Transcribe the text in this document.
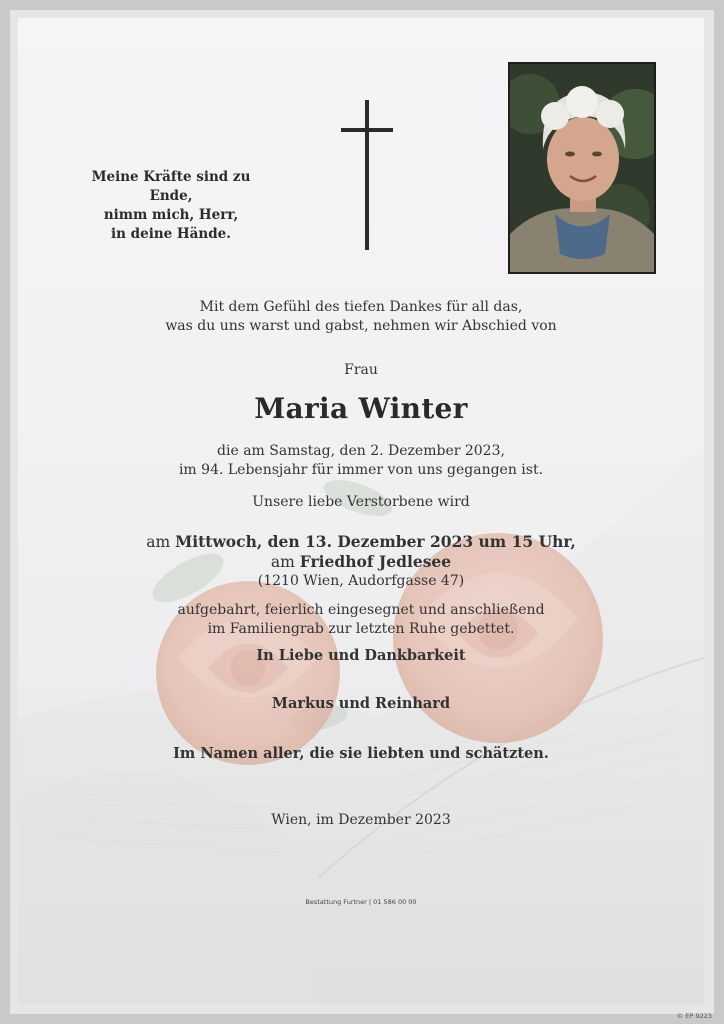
Meine Kräfte sind zu Ende,
nimm mich, Herr,
in deine Hände.
Mit dem Gefühl des tiefen Dankes für all das,
was du uns warst und gabst, nehmen wir Abschied von
Frau
Maria Winter
die am Samstag, den 2. Dezember 2023,
im 94. Lebensjahr für immer von uns gegangen ist.
Unsere liebe Verstorbene wird
am Mittwoch, den 13. Dezember 2023 um 15 Uhr,
am Friedhof Jedlesee
(1210 Wien, Audorfgasse 47)
aufgebahrt, feierlich eingesegnet und anschließend
im Familiengrab zur letzten Ruhe gebettet.
In Liebe und Dankbarkeit
Markus und Reinhard
Im Namen aller, die sie liebten und schätzten.
Wien, im Dezember 2023
Bestattung Furtner | 01 586 00 00
© EP 9223
